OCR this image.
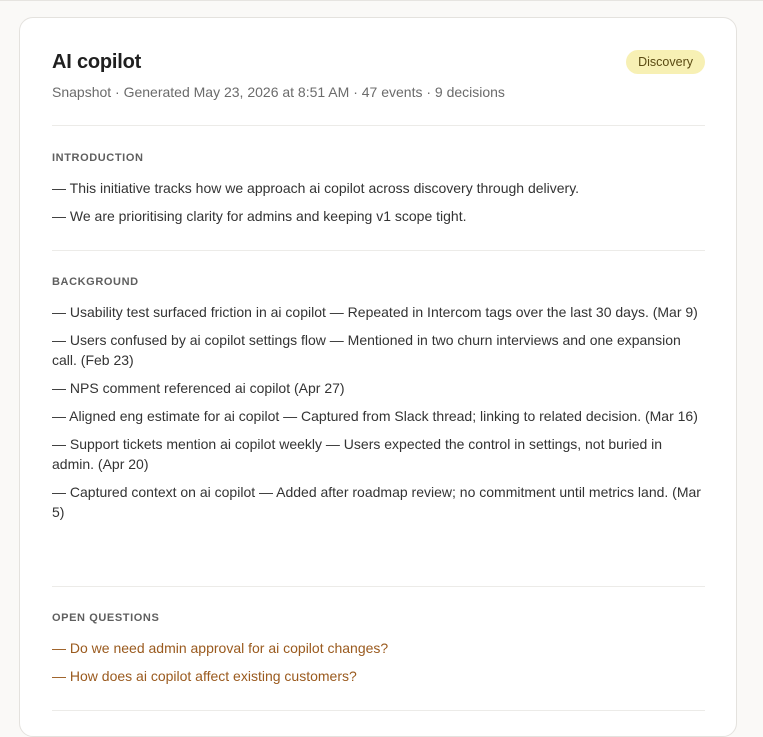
AI copilot	Discovery
Snapshot · Generated May 23, 2026 at 8:51 AM · 47 events · 9 decisions
INTRODUCTION
— This initiative tracks how we approach ai copilot across discovery through delivery.
— We are prioritising clarity for admins and keeping v1 scope tight.
BACKGROUND
— Usability test surfaced friction in ai copilot — Repeated in Intercom tags over the last 30 days. (Mar 9)
— Users confused by ai copilot settings flow — Mentioned in two churn interviews and one expansion call. (Feb 23)
— NPS comment referenced ai copilot (Apr 27)
— Aligned eng estimate for ai copilot — Captured from Slack thread; linking to related decision. (Mar 16)
— Support tickets mention ai copilot weekly — Users expected the control in settings, not buried in admin. (Apr 20)
— Captured context on ai copilot — Added after roadmap review; no commitment until metrics land. (Mar 5)
OPEN QUESTIONS
— Do we need admin approval for ai copilot changes?
— How does ai copilot affect existing customers?
